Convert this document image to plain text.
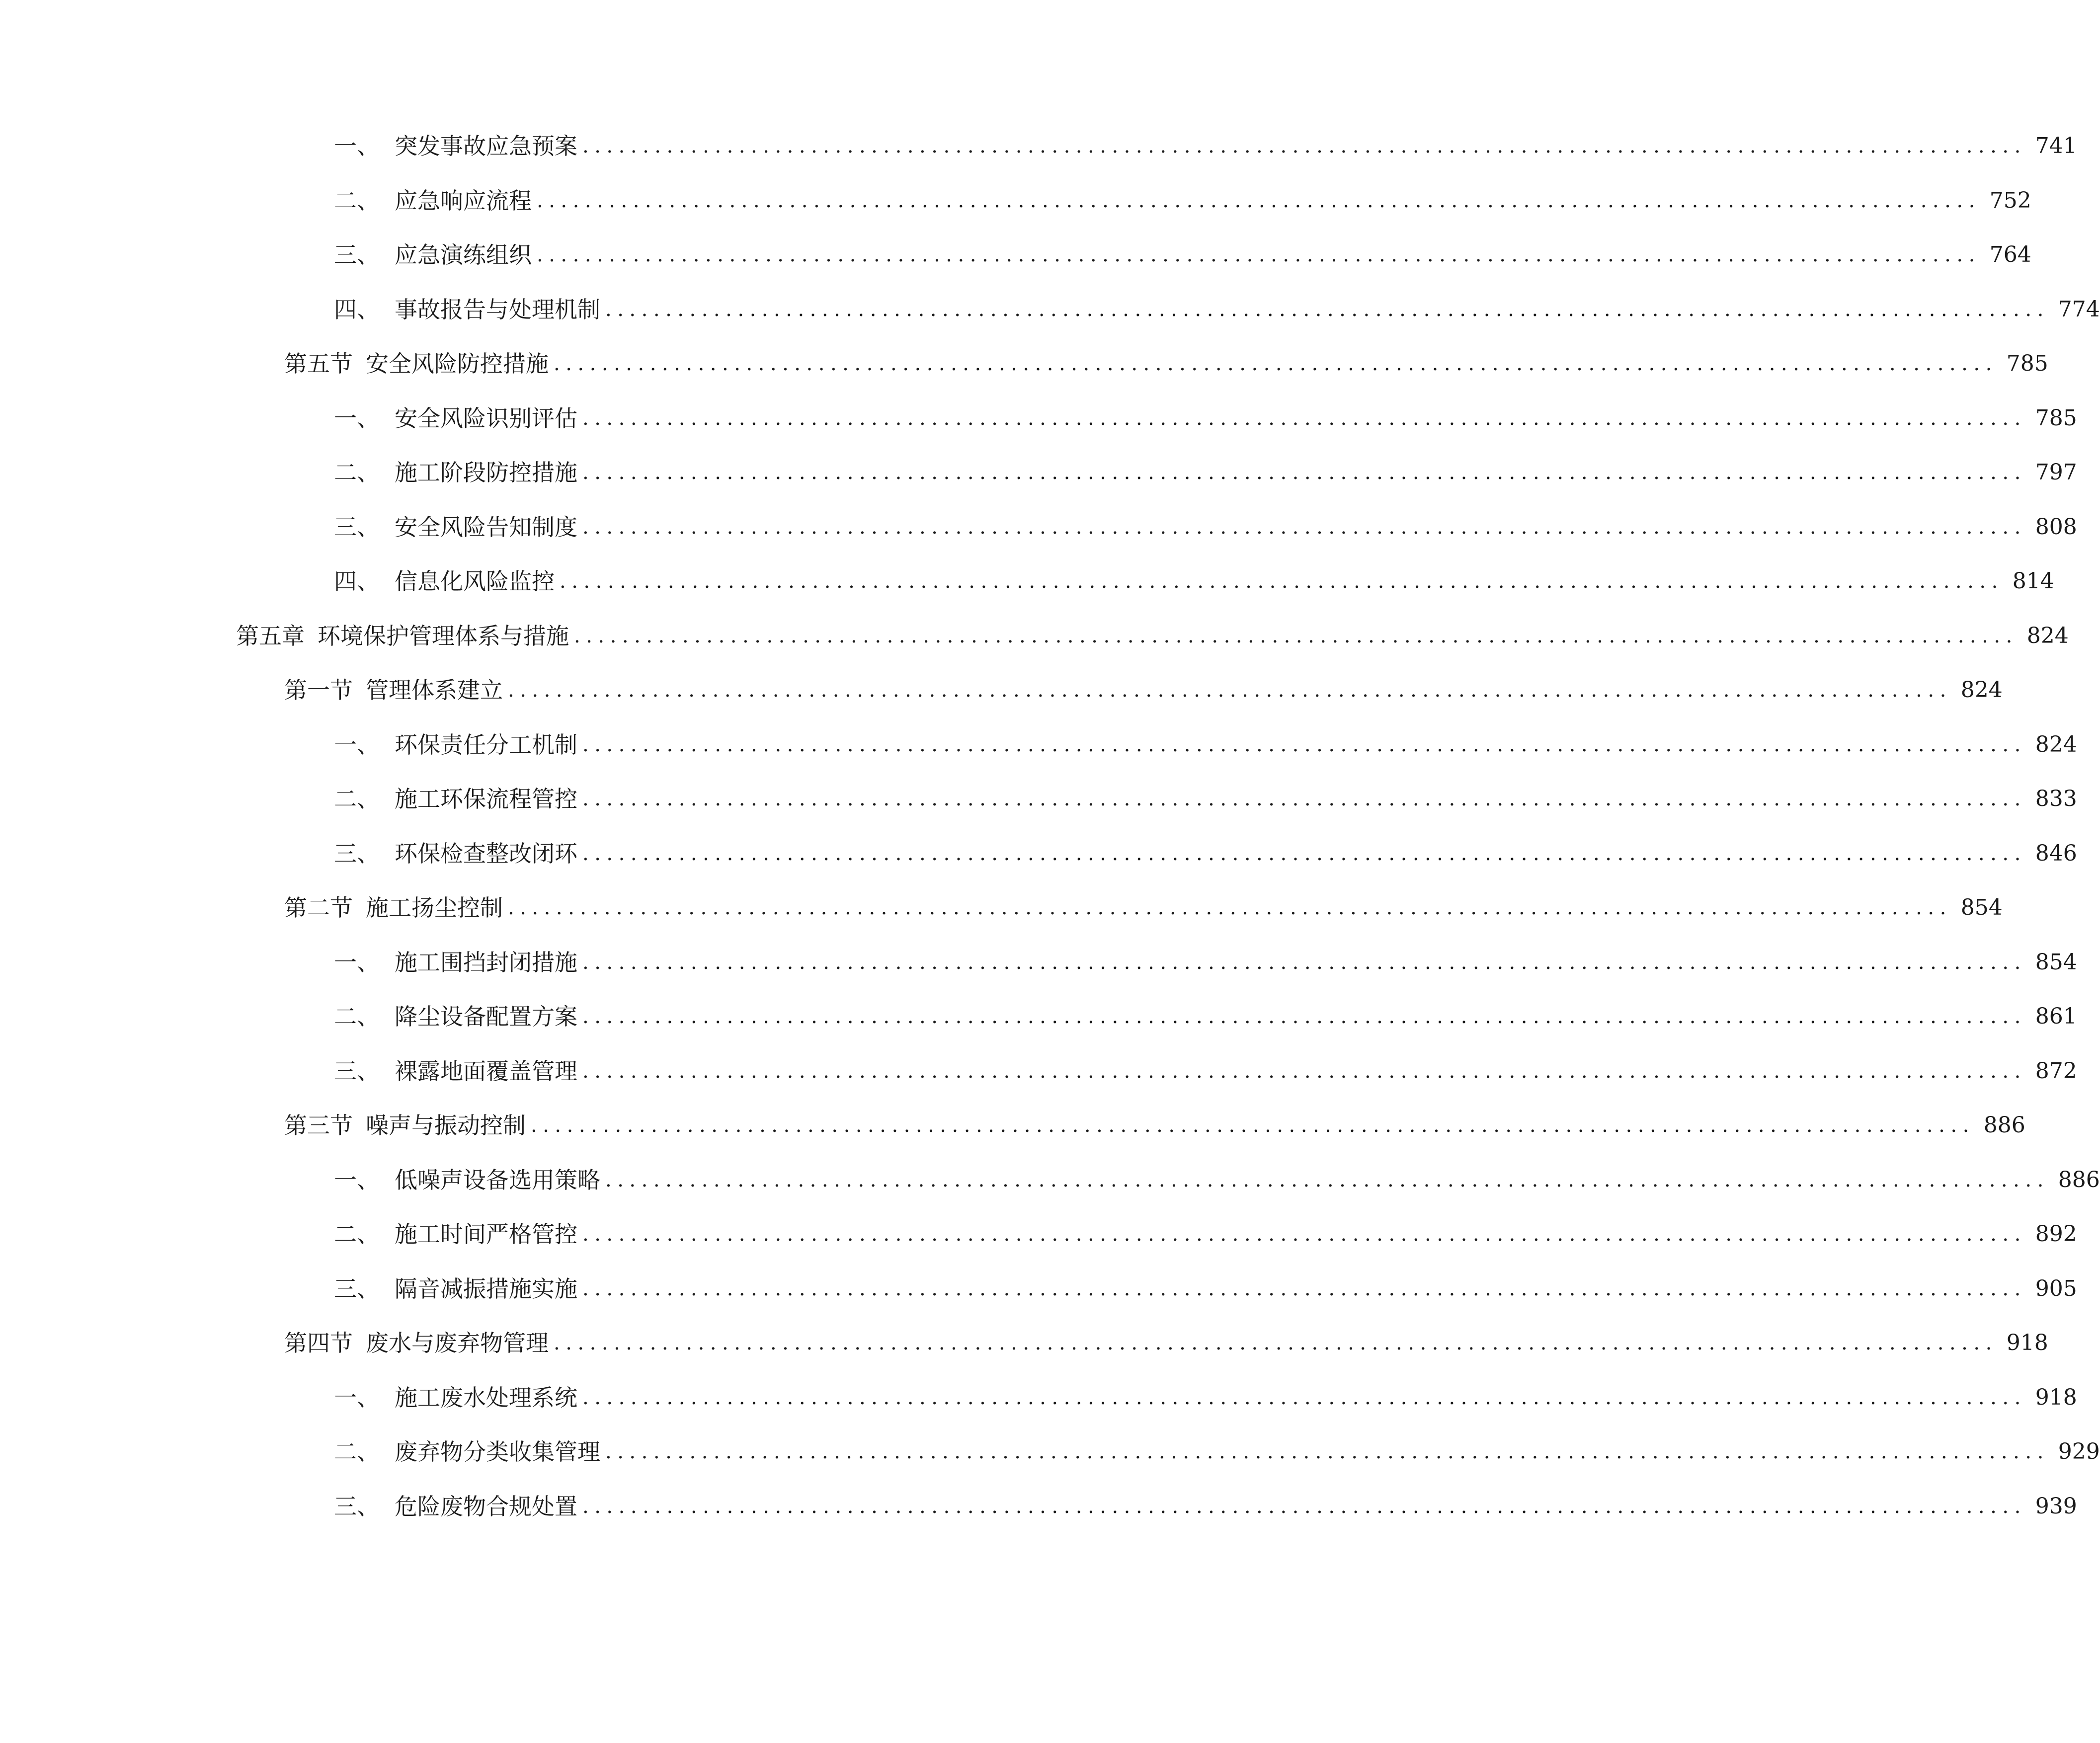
一、 突发事故应急预案 ........................................................................................................................ 741
二、 应急响应流程 ........................................................................................................................ 752
三、 应急演练组织 ........................................................................................................................ 764
四、 事故报告与处理机制 ........................................................................................................................ 774
第五节 安全风险防控措施 ........................................................................................................................ 785
一、 安全风险识别评估 ........................................................................................................................ 785
二、 施工阶段防控措施 ........................................................................................................................ 797
三、 安全风险告知制度 ........................................................................................................................ 808
四、 信息化风险监控 ........................................................................................................................ 814
第五章 环境保护管理体系与措施 ........................................................................................................................ 824
第一节 管理体系建立 ........................................................................................................................ 824
一、 环保责任分工机制 ........................................................................................................................ 824
二、 施工环保流程管控 ........................................................................................................................ 833
三、 环保检查整改闭环 ........................................................................................................................ 846
第二节 施工扬尘控制 ........................................................................................................................ 854
一、 施工围挡封闭措施 ........................................................................................................................ 854
二、 降尘设备配置方案 ........................................................................................................................ 861
三、 裸露地面覆盖管理 ........................................................................................................................ 872
第三节 噪声与振动控制 ........................................................................................................................ 886
一、 低噪声设备选用策略 ........................................................................................................................ 886
二、 施工时间严格管控 ........................................................................................................................ 892
三、 隔音减振措施实施 ........................................................................................................................ 905
第四节 废水与废弃物管理 ........................................................................................................................ 918
一、 施工废水处理系统 ........................................................................................................................ 918
二、 废弃物分类收集管理 ........................................................................................................................ 929
三、 危险废物合规处置 ........................................................................................................................ 939
